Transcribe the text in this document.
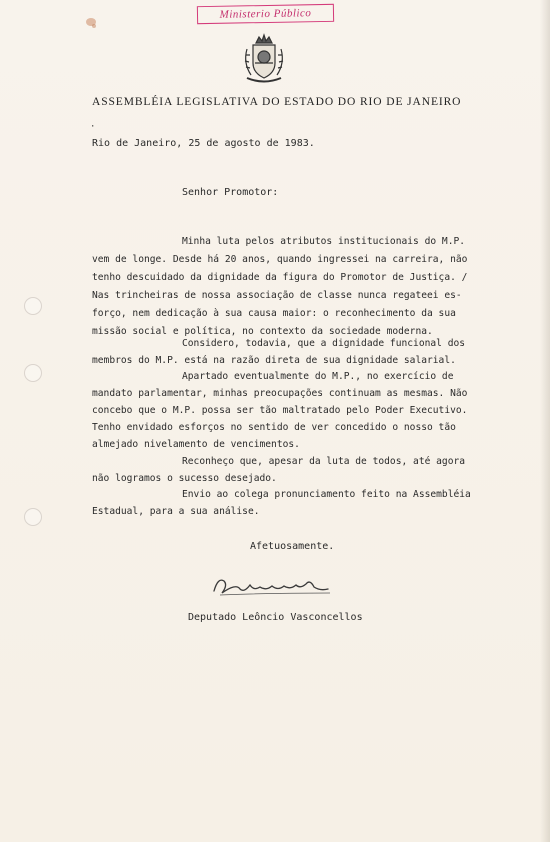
Ministerio Público
ASSEMBLÉIA LEGISLATIVA DO ESTADO DO RIO DE JANEIRO
·
Rio de Janeiro, 25 de agosto de 1983.
Senhor Promotor:
Minha luta pelos atributos institucionais do M.P.
vem de longe. Desde há 20 anos, quando ingressei na carreira, não
tenho descuidado da dignidade da figura do Promotor de Justiça. /
Nas trincheiras de nossa associação de classe nunca regateei es-
forço, nem dedicação à sua causa maior: o reconhecimento da sua
missão social e política, no contexto da sociedade moderna.
Considero, todavia, que a dignidade funcional dos
membros do M.P. está na razão direta de sua dignidade salarial.
Apartado eventualmente do M.P., no exercício de
mandato parlamentar, minhas preocupações continuam as mesmas. Não
concebo que o M.P. possa ser tão maltratado pelo Poder Executivo.
Tenho envidado esforços no sentido de ver concedido o nosso tão
almejado nivelamento de vencimentos.
Reconheço que, apesar da luta de todos, até agora
não logramos o sucesso desejado.
Envio ao colega pronunciamento feito na Assembléia
Estadual, para a sua análise.
Afetuosamente.
Deputado Leôncio Vasconcellos
